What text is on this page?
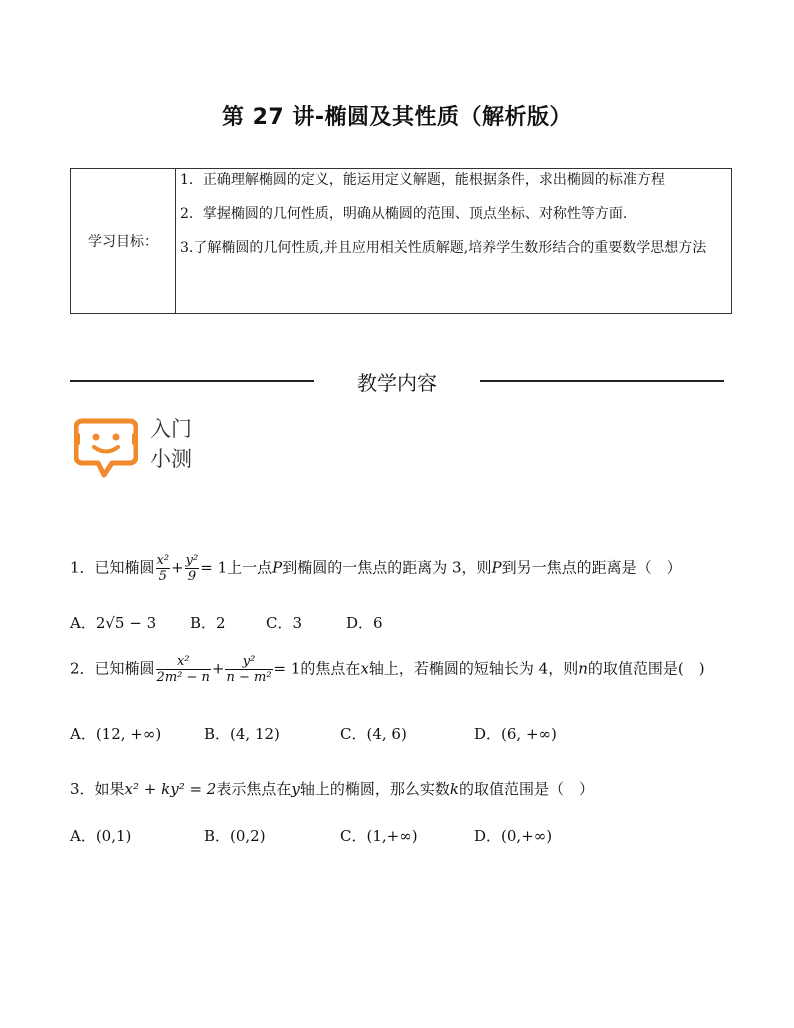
第 27 讲-椭圆及其性质（解析版）
学习目标：

1．正确理解椭圆的定义，能运用定义解题，能根据条件，求出椭圆的标准方程

2．掌握椭圆的几何性质，明确从椭圆的范围、顶点坐标、对称性等方面.

3.了解椭圆的几何性质,并且应用相关性质解题,培养学生数形结合的重要数学思想方法

教学内容
入门
小测
1．已知椭圆 $\frac{\text{x²}}{5} + \frac{\text{y²}}{9} = 1$上一点P到椭圆的一焦点的距离为 3，则P到另一焦点的距离是（　）
A．2√5 − 3 B．2	C．3	D．6
2．已知椭圆 $\frac{\text{x²}}{\text{2m² − n}} + \frac{\text{y²}}{\text{n − m²}} = 1$的焦点在x轴上，若椭圆的短轴长为 4，则n的取值范围是(　)
A．(12, +∞)	B．(4, 12)	C．(4, 6)	D．(6, +∞)
3．如果x² + ky² = 2表示焦点在y轴上的椭圆，那么实数k的取值范围是（　）
A．(0,1)	B．(0,2)	C．(1,+∞)	D．(0,+∞)
